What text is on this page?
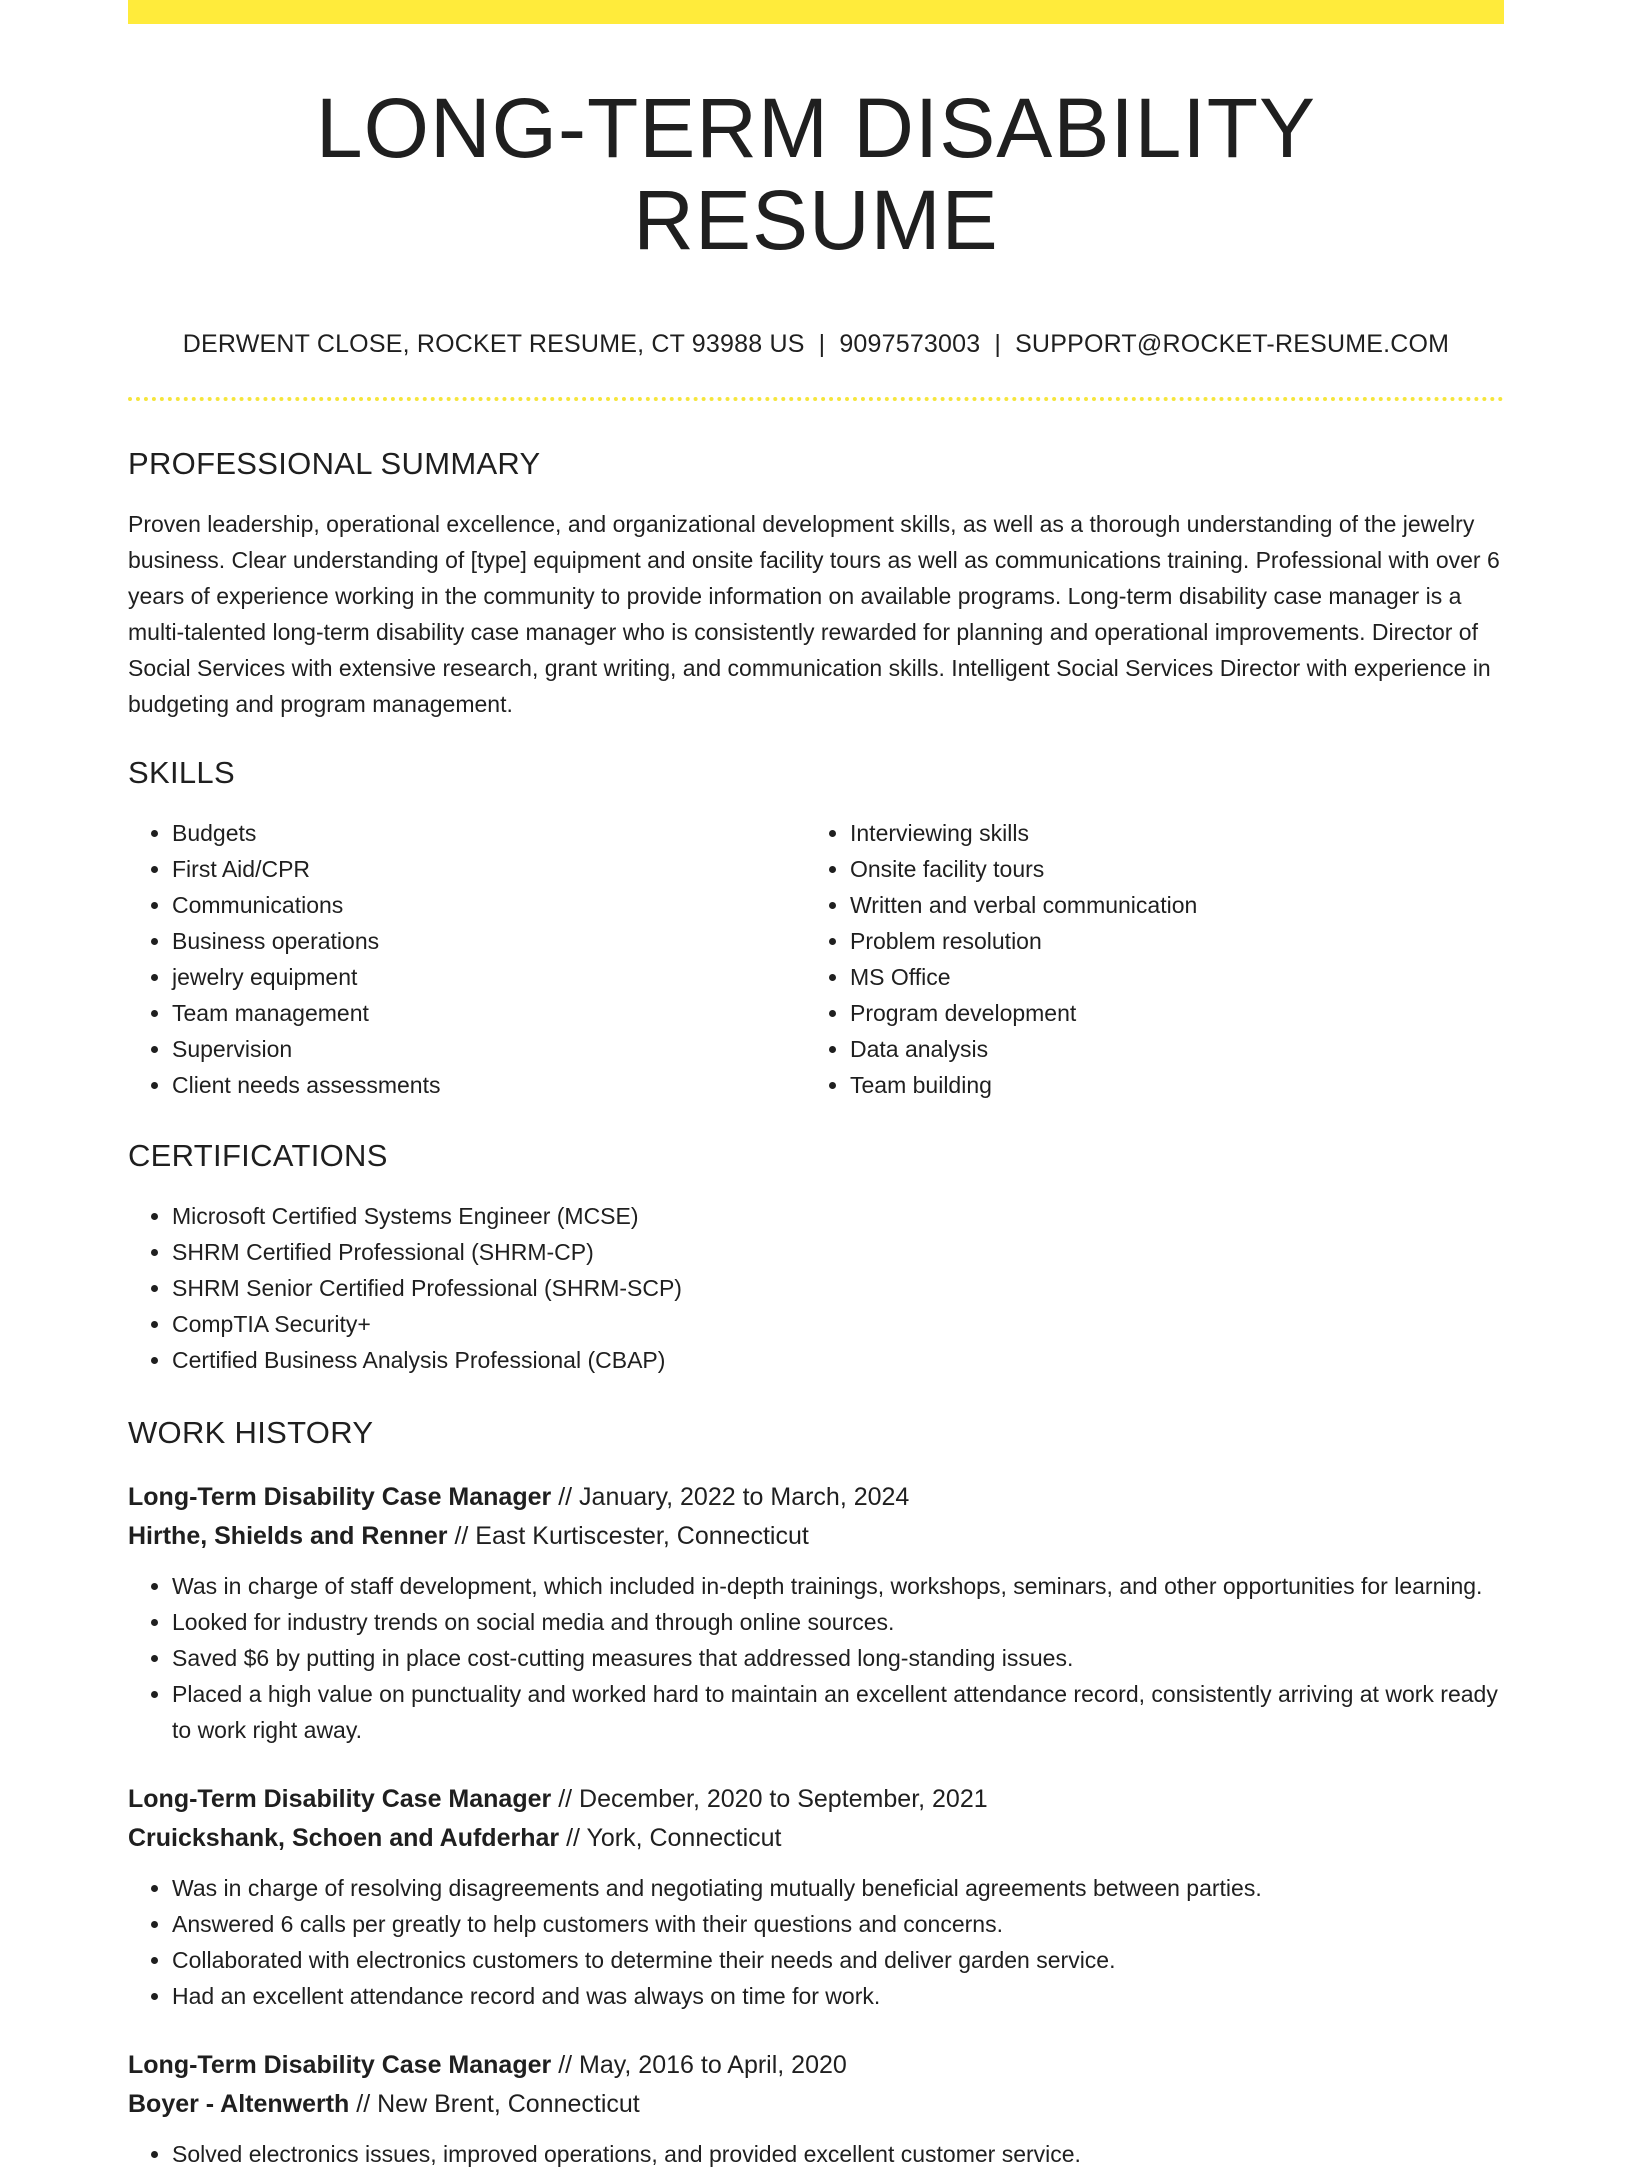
LONG-TERM DISABILITY RESUME
DERWENT CLOSE, ROCKET RESUME, CT 93988 US | 9097573003 | SUPPORT@ROCKET-RESUME.COM
PROFESSIONAL SUMMARY

Proven leadership, operational excellence, and organizational development skills, as well as a thorough understanding of the jewelry business. Clear understanding of [type] equipment and onsite facility tours as well as communications training. Professional with over 6 years of experience working in the community to provide information on available programs. Long-term disability case manager is a multi-talented long-term disability case manager who is consistently rewarded for planning and operational improvements. Director of Social Services with extensive research, grant writing, and communication skills. Intelligent Social Services Director with experience in budgeting and program management.

SKILLS
• Budgets
• First Aid/CPR
• Communications
• Business operations
• jewelry equipment
• Team management
• Supervision
• Client needs assessments
• Interviewing skills
• Onsite facility tours
• Written and verbal communication
• Problem resolution
• MS Office
• Program development
• Data analysis
• Team building
CERTIFICATIONS
• Microsoft Certified Systems Engineer (MCSE)
• SHRM Certified Professional (SHRM-CP)
• SHRM Senior Certified Professional (SHRM-SCP)
• CompTIA Security+
• Certified Business Analysis Professional (CBAP)
WORK HISTORY
Long-Term Disability Case Manager // January, 2022 to March, 2024
Hirthe, Shields and Renner // East Kurtiscester, Connecticut
• Was in charge of staff development, which included in-depth trainings, workshops, seminars, and other opportunities for learning.
• Looked for industry trends on social media and through online sources.
• Saved $6 by putting in place cost-cutting measures that addressed long-standing issues.
• Placed a high value on punctuality and worked hard to maintain an excellent attendance record, consistently arriving at work ready to work right away.
Long-Term Disability Case Manager // December, 2020 to September, 2021
Cruickshank, Schoen and Aufderhar // York, Connecticut
• Was in charge of resolving disagreements and negotiating mutually beneficial agreements between parties.
• Answered 6 calls per greatly to help customers with their questions and concerns.
• Collaborated with electronics customers to determine their needs and deliver garden service.
• Had an excellent attendance record and was always on time for work.
Long-Term Disability Case Manager // May, 2016 to April, 2020
Boyer - Altenwerth // New Brent, Connecticut
• Solved electronics issues, improved operations, and provided excellent customer service.
